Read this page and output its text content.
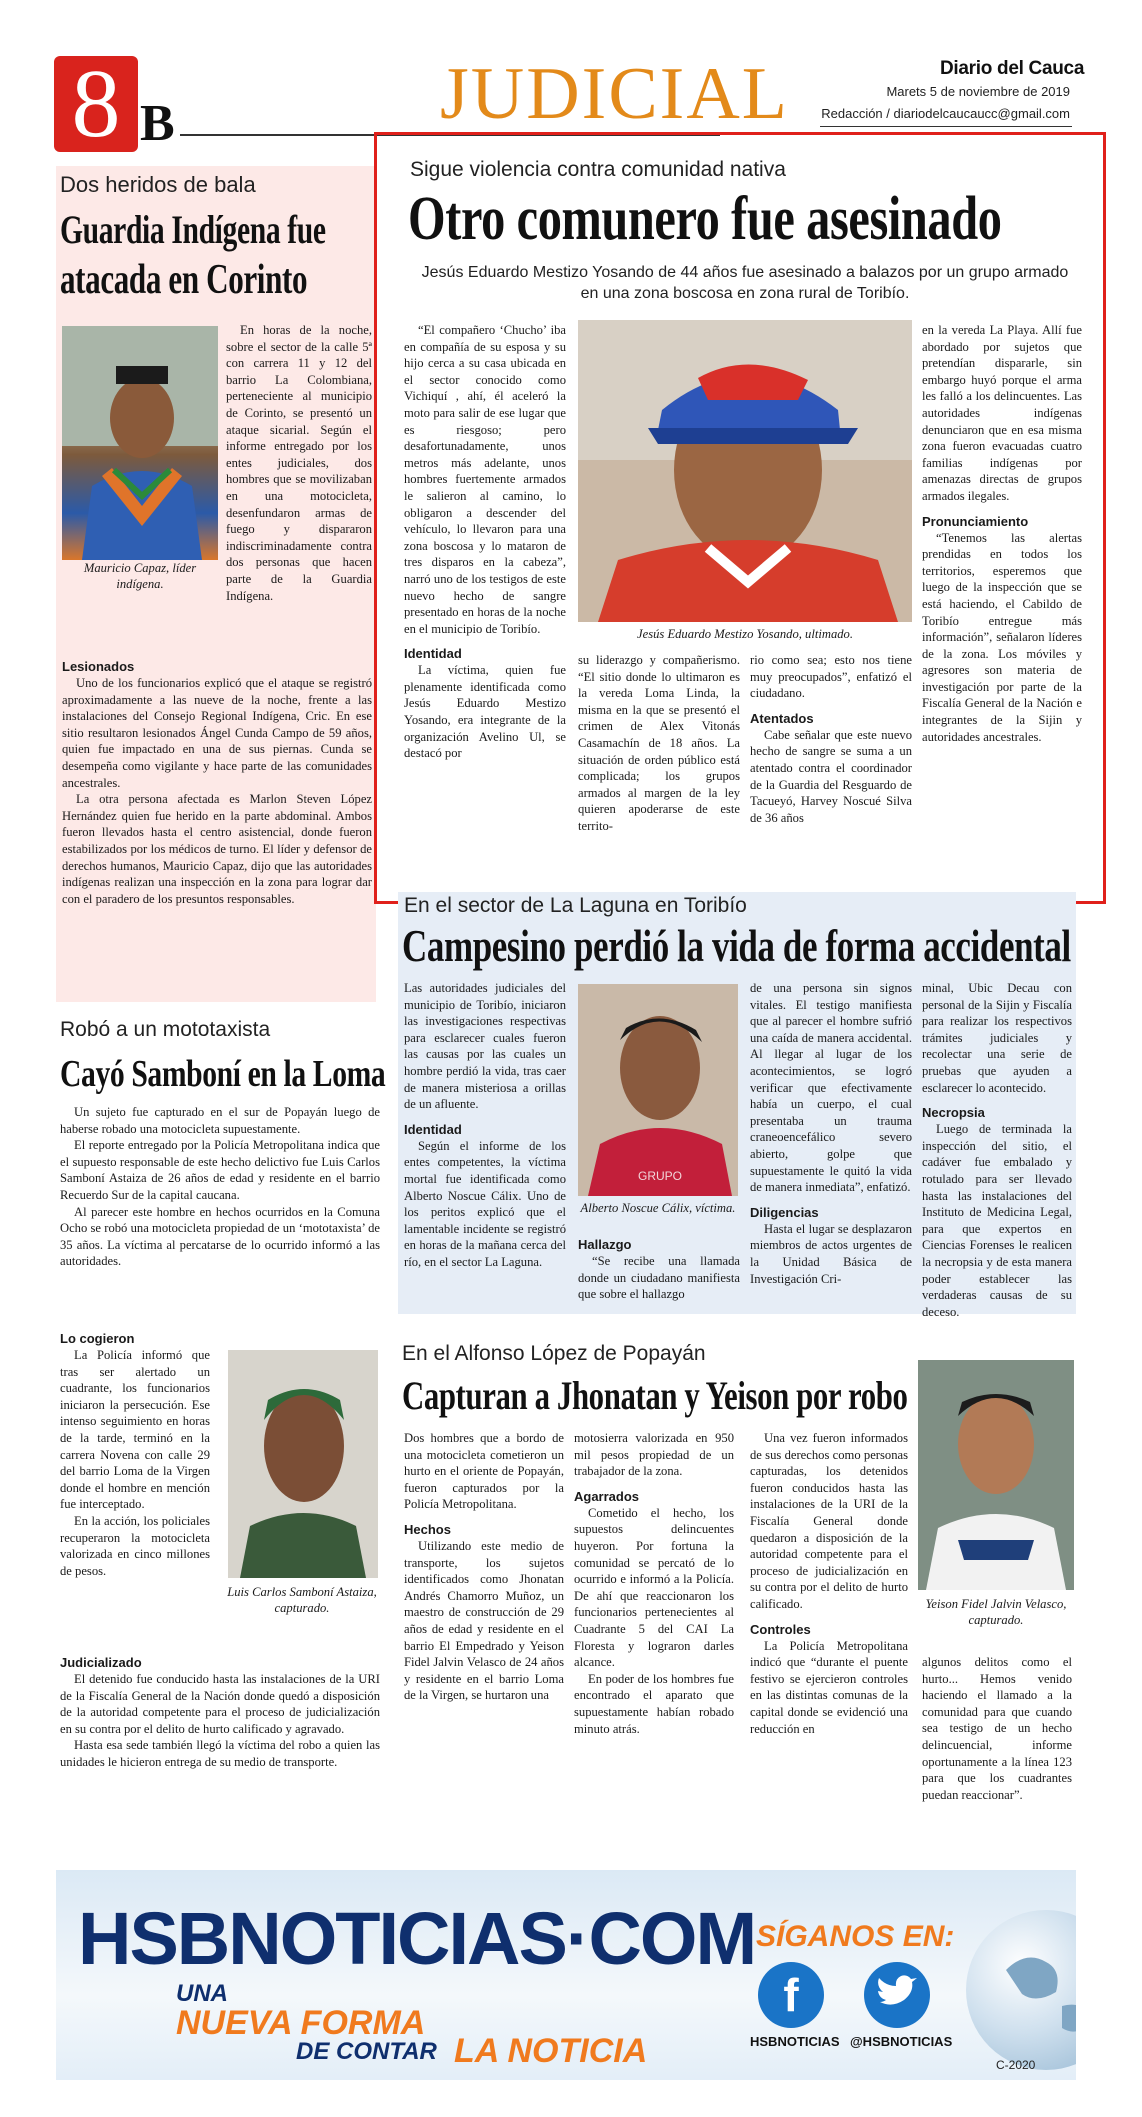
8 B	JUDICIAL	Diario del Cauca
Marets 5 de noviembre de 2019
Redacción / diariodelcaucaucc@gmail.com
Dos heridos de bala
Guardia Indígena fue
atacada en Corinto
Mauricio Capaz, líder indígena.

En horas de la noche, sobre el sector de la calle 5ª con carrera 11 y 12 del barrio La Colombiana, perteneciente al municipio de Corinto, se presentó un ataque sicarial. Según el informe entregado por los entes judiciales, dos hombres que se movilizaban en una motocicleta, desenfundaron armas de fuego y dispararon indiscriminadamente contra dos personas que hacen parte de la Guardia Indígena.

Lesionados

Uno de los funcionarios explicó que el ataque se registró aproximadamente a las nueve de la noche, frente a las instalaciones del Consejo Regional Indígena, Cric. En ese sitio resultaron lesionados Ángel Cunda Campo de 59 años, quien fue impactado en una de sus piernas. Cunda se desempeña como vigilante y hace parte de las comunidades ancestrales.

La otra persona afectada es Marlon Steven López Hernández quien fue herido en la parte abdominal. Ambos fueron llevados hasta el centro asistencial, donde fueron estabilizados por los médicos de turno. El líder y defensor de derechos humanos, Mauricio Capaz, dijo que las autoridades indígenas realizan una inspección en la zona para lograr dar con el paradero de los presuntos responsables.

Sigue violencia contra comunidad nativa
Otro comunero fue asesinado
Jesús Eduardo Mestizo Yosando de 44 años fue asesinado a balazos por un grupo armado en una zona boscosa en zona rural de Toribío.

“El compañero ‘Chucho’ iba en compañía de su esposa y su hijo cerca a su casa ubicada en el sector conocido como Vichiquí , ahí, él aceleró la moto para salir de ese lugar que es riesgoso; pero desafortunadamente, unos metros más adelante, unos hombres fuertemente armados le salieron al camino, lo obligaron a descender del vehículo, lo llevaron para una zona boscosa y lo mataron de tres disparos en la cabeza”, narró uno de los testigos de este nuevo hecho de sangre presentado en horas de la noche en el municipio de Toribío.

Identidad

La víctima, quien fue plenamente identificada como Jesús Eduardo Mestizo Yosando, era integrante de la organización Avelino Ul, se destacó por

Jesús Eduardo Mestizo Yosando, ultimado.

su liderazgo y compañerismo. “El sitio donde lo ultimaron es la vereda Loma Linda, la misma en la que se presentó el crimen de Alex Vitonás Casamachín de 18 años. La situación de orden público está complicada; los grupos armados al margen de la ley quieren apoderarse de este territo-

rio como sea; esto nos tiene muy preocupados”, enfatizó el ciudadano.

Atentados

Cabe señalar que este nuevo hecho de sangre se suma a un atentado contra el coordinador de la Guardia del Resguardo de Tacueyó, Harvey Noscué Silva de 36 años

en la vereda La Playa. Allí fue abordado por sujetos que pretendían dispararle, sin embargo huyó porque el arma les falló a los delincuentes. Las autoridades indígenas denunciaron que en esa misma zona fueron evacuadas cuatro familias indígenas por amenazas directas de grupos armados ilegales.

Pronunciamiento

“Tenemos las alertas prendidas en todos los territorios, esperemos que luego de la inspección que se está haciendo, el Cabildo de Toribío entregue más información”, señalaron líderes de la zona. Los móviles y agresores son materia de investigación por parte de la Fiscalía General de la Nación e integrantes de la Sijin y autoridades ancestrales.

En el sector de La Laguna en Toribío
Campesino perdió la vida de forma accidental

Las autoridades judiciales del municipio de Toribío, iniciaron las investigaciones respectivas para esclarecer cuales fueron las causas por las cuales un hombre perdió la vida, tras caer de manera misteriosa a orillas de un afluente.

Identidad

Según el informe de los entes competentes, la víctima mortal fue identificada como Alberto Noscue Cálix. Uno de los peritos explicó que el lamentable incidente se registró en horas de la mañana cerca del río, en el sector La Laguna.

GRUPO
Alberto Noscue Cálix, víctima.
Hallazgo

“Se recibe una llamada donde un ciudadano manifiesta que sobre el hallazgo

de una persona sin signos vitales. El testigo manifiesta que al parecer el hombre sufrió una caída de manera accidental. Al llegar al lugar de los acontecimientos, se logró verificar que efectivamente había un cuerpo, el cual presentaba un trauma craneoencefálico severo abierto, golpe que supuestamente le quitó la vida de manera inmediata”, enfatizó.

Diligencias

Hasta el lugar se desplazaron miembros de actos urgentes de la Unidad Básica de Investigación Cri-

minal, Ubic Decau con personal de la Sijin y Fiscalía para realizar los respectivos trámites judiciales y recolectar una serie de pruebas que ayuden a esclarecer lo acontecido.

Necropsia

Luego de terminada la inspección del sitio, el cadáver fue embalado y rotulado para ser llevado hasta las instalaciones del Instituto de Medicina Legal, para que expertos en Ciencias Forenses le realicen la necropsia y de esta manera poder establecer las verdaderas causas de su deceso.

Robó a un mototaxista
Cayó Samboní en la Loma

Un sujeto fue capturado en el sur de Popayán luego de haberse robado una motocicleta supuestamente.

El reporte entregado por la Policía Metropolitana indica que el supuesto responsable de este hecho delictivo fue Luis Carlos Samboní Astaiza de 26 años de edad y residente en el barrio Recuerdo Sur de la capital caucana.

Al parecer este hombre en hechos ocurridos en la Comuna Ocho se robó una motocicleta propiedad de un ‘mototaxista’ de 35 años. La víctima al percatarse de lo ocurrido informó a las autoridades.

Lo cogieron

La Policía informó que tras ser alertado un cuadrante, los funcionarios iniciaron la persecución. Ese intenso seguimiento en horas de la tarde, terminó en la carrera Novena con calle 29 del barrio Loma de la Virgen donde el hombre en mención fue interceptado.

En la acción, los policiales recuperaron la motocicleta valorizada en cinco millones de pesos.

Luis Carlos Samboní Astaiza, capturado.
Judicializado

El detenido fue conducido hasta las instalaciones de la URI de la Fiscalía General de la Nación donde quedó a disposición de la autoridad competente para el proceso de judicialización en su contra por el delito de hurto calificado y agravado.

Hasta esa sede también llegó la víctima del robo a quien las unidades le hicieron entrega de su medio de transporte.

En el Alfonso López de Popayán
Capturan a Jhonatan y Yeison por robo

Dos hombres que a bordo de una motocicleta cometieron un hurto en el oriente de Popayán, fueron capturados por la Policía Metropolitana.

Hechos

Utilizando este medio de transporte, los sujetos identificados como Jhonatan Andrés Chamorro Muñoz, un maestro de construcción de 29 años de edad y residente en el barrio El Empedrado y Yeison Fidel Jalvin Velasco de 24 años y residente en el barrio Loma de la Virgen, se hurtaron una

motosierra valorizada en 950 mil pesos propiedad de un trabajador de la zona.

Agarrados

Cometido el hecho, los supuestos delincuentes huyeron. Por fortuna la comunidad se percató de lo ocurrido e informó a la Policía. De ahí que reaccionaron los funcionarios pertenecientes al Cuadrante 5 del CAI La Floresta y lograron darles alcance.

En poder de los hombres fue encontrado el aparato que supuestamente habían robado minuto atrás.

Una vez fueron informados de sus derechos como personas capturadas, los detenidos fueron conducidos hasta las instalaciones de la URI de la Fiscalía General donde quedaron a disposición de la autoridad competente para el proceso de judicialización en su contra por el delito de hurto calificado.

Controles

La Policía Metropolitana indicó que “durante el puente festivo se ejercieron controles en las distintas comunas de la capital donde se evidenció una reducción en

Yeison Fidel Jalvin Velasco, capturado.

algunos delitos como el hurto... Hemos venido haciendo el llamado a la comunidad para que cuando sea testigo de un hecho delincuencial, informe oportunamente a la línea 123 para que los cuadrantes puedan reaccionar”.

HSBNOTICIAS·COM
UNA
NUEVA FORMA
DE CONTAR LA NOTICIA
SÍGANOS EN:
f
HSBNOTICIAS @HSBNOTICIAS
C-2020
